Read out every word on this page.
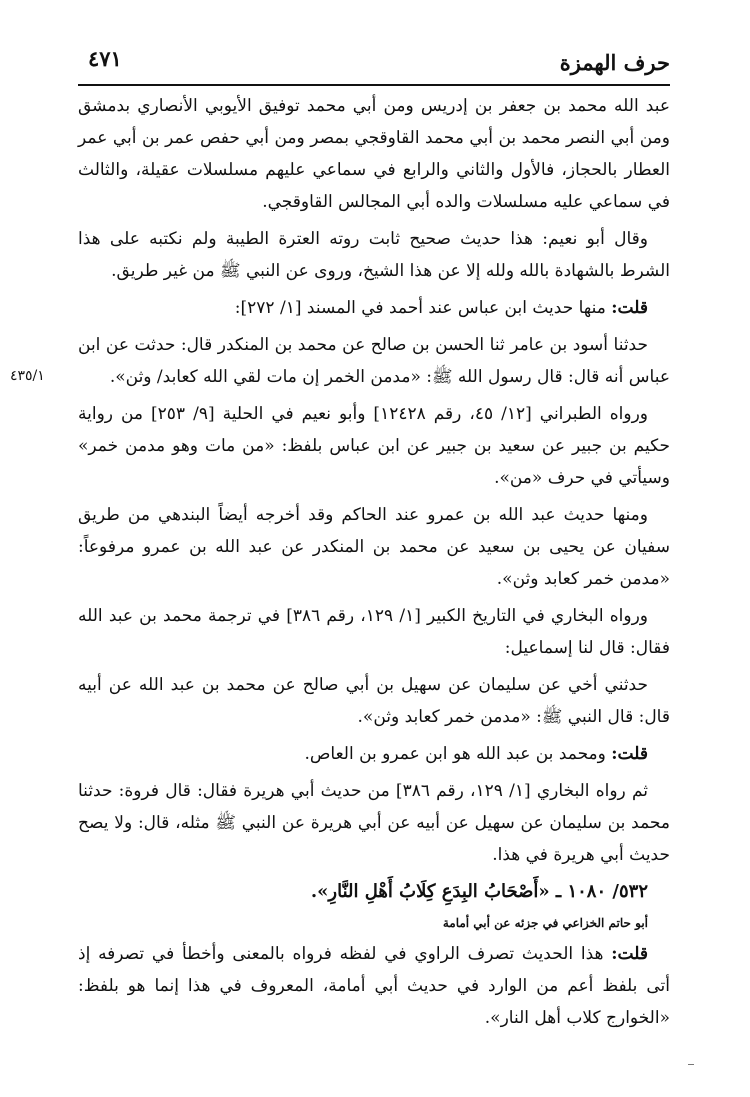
حرف الهمزة
٤٧١
٤٣٥/١

عبد الله محمد بن جعفر بن إدريس ومن أبي محمد توفيق الأيوبي الأنصاري بدمشق ومن أبي النصر محمد بن أبي محمد القاوقجي بمصر ومن أبي حفص عمر بن أبي عمر العطار بالحجاز، فالأول والثاني والرابع في سماعي عليهم مسلسلات عقيلة، والثالث في سماعي عليه مسلسلات والده أبي المجالس القاوقجي.

وقال أبو نعيم: هذا حديث صحيح ثابت روته العترة الطيبة ولم نكتبه على هذا الشرط بالشهادة بالله ولله إلا عن هذا الشيخ، وروى عن النبي ﷺ من غير طريق.

قلت: منها حديث ابن عباس عند أحمد في المسند [١/ ٢٧٢]:

حدثنا أسود بن عامر ثنا الحسن بن صالح عن محمد بن المنكدر قال: حدثت عن ابن عباس أنه قال: قال رسول الله ﷺ: «مدمن الخمر إن مات لقي الله كعابد/ وثن».

ورواه الطبراني [١٢/ ٤٥، رقم ١٢٤٢٨] وأبو نعيم في الحلية [٩/ ٢٥٣] من رواية حكيم بن جبير عن سعيد بن جبير عن ابن عباس بلفظ: «من مات وهو مدمن خمر» وسيأتي في حرف «من».

ومنها حديث عبد الله بن عمرو عند الحاكم وقد أخرجه أيضاً البندهي من طريق سفيان عن يحيى بن سعيد عن محمد بن المنكدر عن عبد الله بن عمرو مرفوعاً: «مدمن خمر كعابد وثن».

ورواه البخاري في التاريخ الكبير [١/ ١٢٩، رقم ٣٨٦] في ترجمة محمد بن عبد الله فقال: قال لنا إسماعيل:

حدثني أخي عن سليمان عن سهيل بن أبي صالح عن محمد بن عبد الله عن أبيه قال: قال النبي ﷺ: «مدمن خمر كعابد وثن».

قلت: ومحمد بن عبد الله هو ابن عمرو بن العاص.

ثم رواه البخاري [١/ ١٢٩، رقم ٣٨٦] من حديث أبي هريرة فقال: قال فروة: حدثنا محمد بن سليمان عن سهيل عن أبيه عن أبي هريرة عن النبي ﷺ مثله، قال: ولا يصح حديث أبي هريرة في هذا.

٥٣٢/ ١٠٨٠ ـ «أَصْحَابُ البِدَعِ كِلَابُ أَهْلِ النَّارِ».

أبو حاتم الخزاعي في جزئه عن أبي أمامة

قلت: هذا الحديث تصرف الراوي في لفظه فرواه بالمعنى وأخطأ في تصرفه إذ أتى بلفظ أعم من الوارد في حديث أبي أمامة، المعروف في هذا إنما هو بلفظ: «الخوارج كلاب أهل النار».
